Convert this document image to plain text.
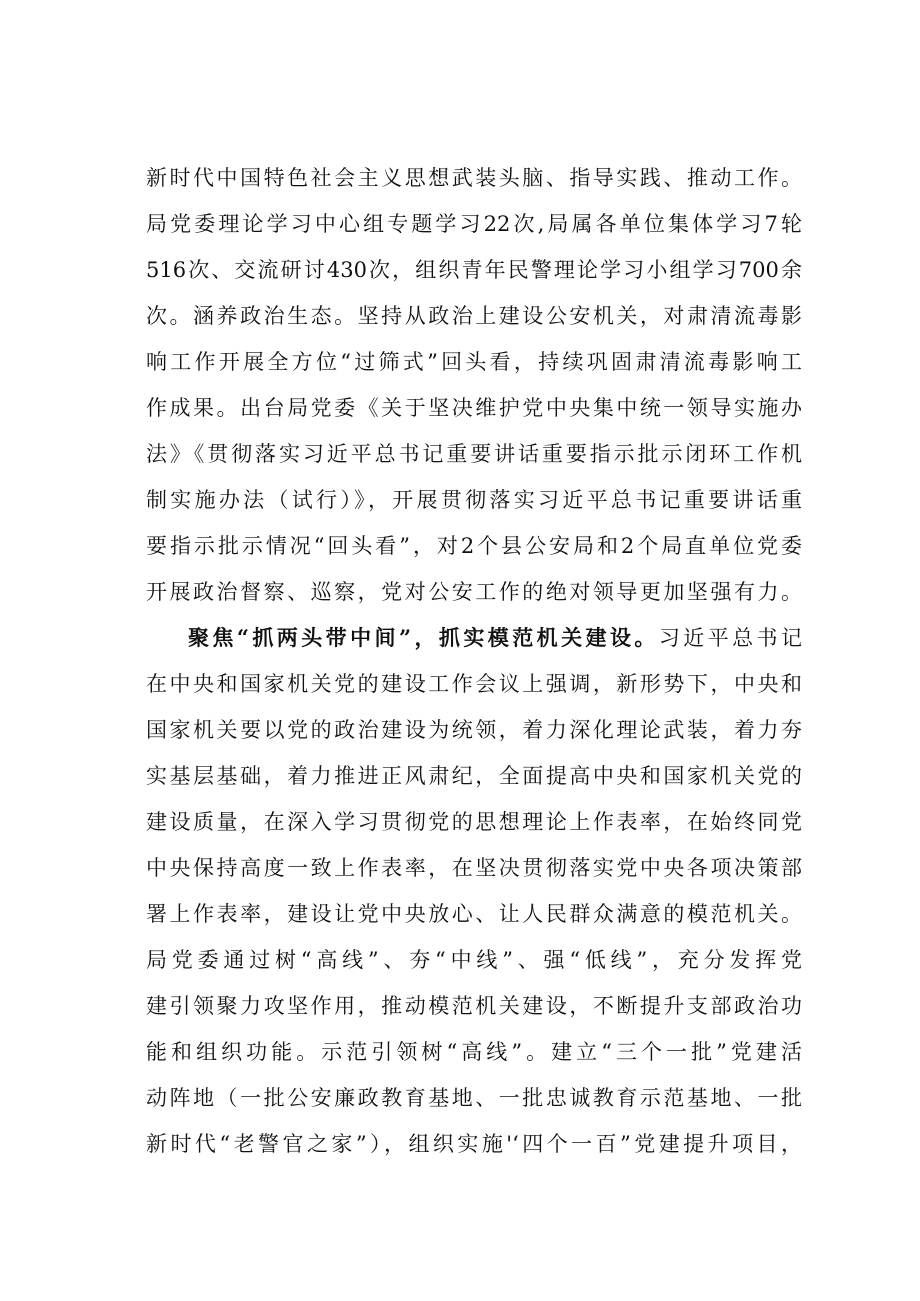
新时代中国特色社会主义思想武装头脑、指导实践、推动工作。
局党委理论学习中心组专题学习22次,局属各单位集体学习7轮
516次、交流研讨430次，组织青年民警理论学习小组学习700余
次。涵养政治生态。坚持从政治上建设公安机关，对肃清流毒影
响工作开展全方位“过筛式”回头看，持续巩固肃清流毒影响工
作成果。出台局党委《关于坚决维护党中央集中统一领导实施办
法》《贯彻落实习近平总书记重要讲话重要指示批示闭环工作机
制实施办法（试行）》，开展贯彻落实习近平总书记重要讲话重
要指示批示情况“回头看”，对2个县公安局和2个局直单位党委
开展政治督察、巡察，党对公安工作的绝对领导更加坚强有力。
聚焦“抓两头带中间”，抓实模范机关建设。习近平总书记
在中央和国家机关党的建设工作会议上强调，新形势下，中央和
国家机关要以党的政治建设为统领，着力深化理论武装，着力夯
实基层基础，着力推进正风肃纪，全面提高中央和国家机关党的
建设质量，在深入学习贯彻党的思想理论上作表率，在始终同党
中央保持高度一致上作表率，在坚决贯彻落实党中央各项决策部
署上作表率，建设让党中央放心、让人民群众满意的模范机关。
局党委通过树“高线”、夯“中线”、强“低线”，充分发挥党
建引领聚力攻坚作用，推动模范机关建设，不断提升支部政治功
能和组织功能。示范引领树“高线”。建立“三个一批”党建活
动阵地（一批公安廉政教育基地、一批忠诚教育示范基地、一批
新时代“老警官之家”），组织实施'‘四个一百”党建提升项目，
